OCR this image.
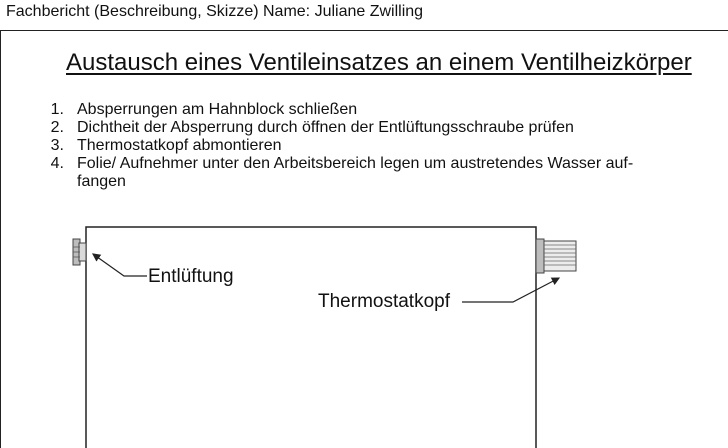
Fachbericht (Beschreibung, Skizze) Name: Juliane Zwilling
Austausch eines Ventileinsatzes an einem Ventilheizkörper
1. Absperrungen am Hahnblock schließen
2. Dichtheit der Absperrung durch öffnen der Entlüftungsschraube prüfen
3. Thermostatkopf abmontieren
4. Folie/ Aufnehmer unter den Arbeitsbereich legen um austretendes Wasser auf-
fangen
Entlüftung
Thermostatkopf
